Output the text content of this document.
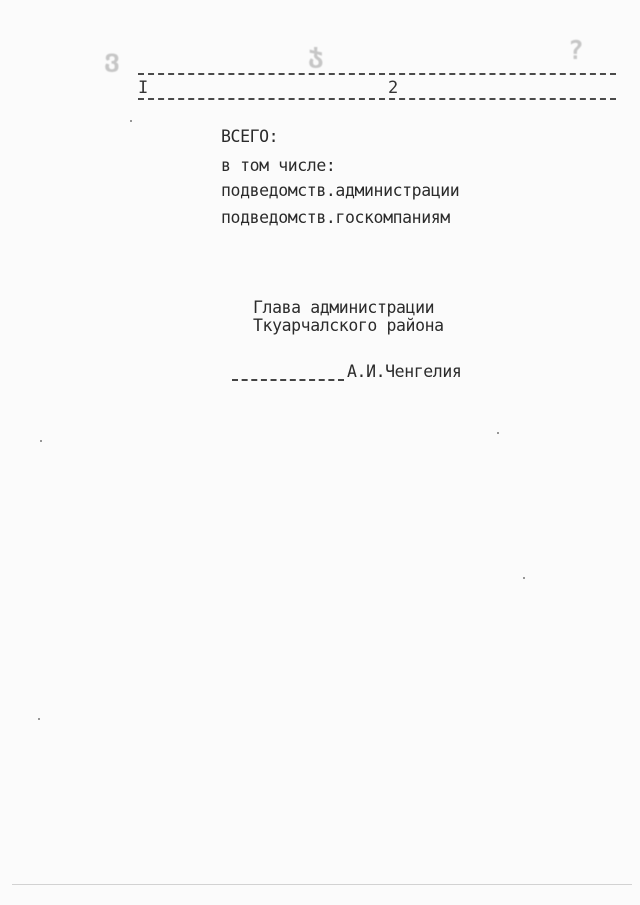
ვ	ჯ	?
I	2
ВСЕГО:
в том числе:
подведомств.администрации
подведомств.госкомпаниям
Глава администрации
Ткуарчалского района
А.И.Ченгелия
